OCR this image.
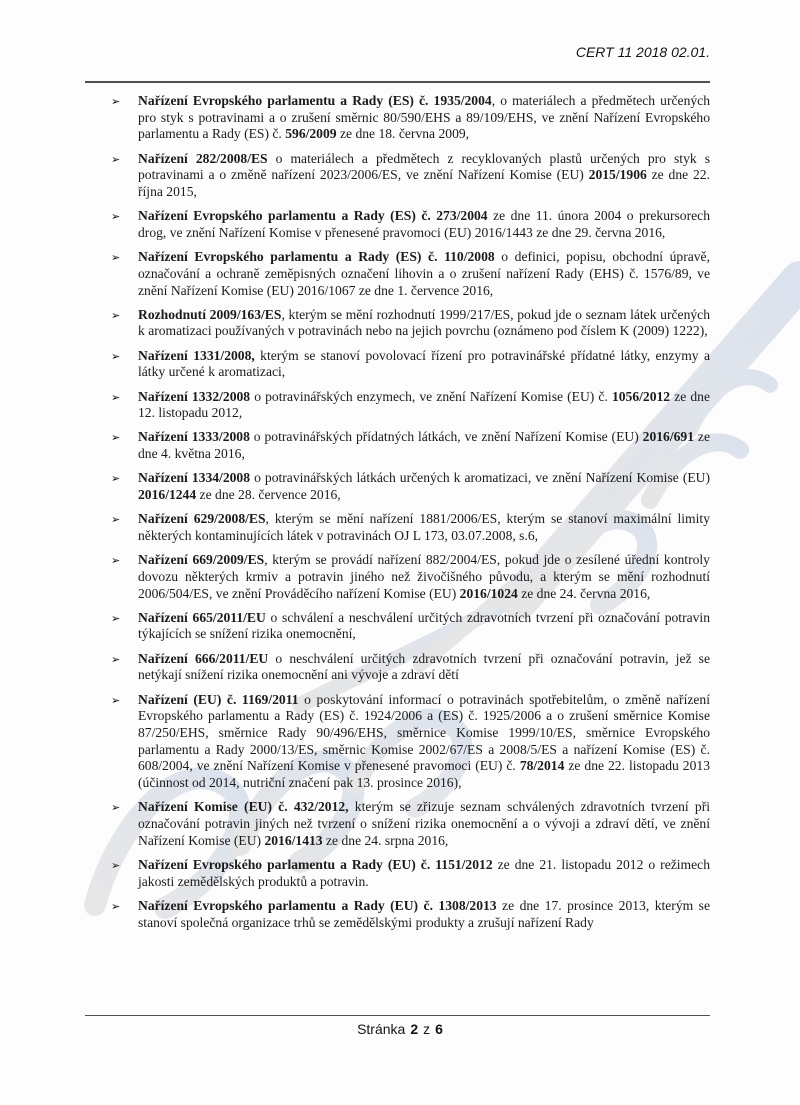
CERT 11 2018 02.01.
➢ Nařízení Evropského parlamentu a Rady (ES) č. 1935/2004, o materiálech a předmětech určených pro styk s potravinami a o zrušení směrnic 80/590/EHS a 89/109/EHS, ve znění Nařízení Evropského parlamentu a Rady (ES) č. 596/2009 ze dne 18. června 2009,
➢ Nařízení 282/2008/ES o materiálech a předmětech z recyklovaných plastů určených pro styk s potravinami a o změně nařízení 2023/2006/ES, ve znění Nařízení Komise (EU) 2015/1906 ze dne 22. října 2015,
➢ Nařízení Evropského parlamentu a Rady (ES) č. 273/2004 ze dne 11. února 2004 o prekursorech drog, ve znění Nařízení Komise v přenesené pravomoci (EU) 2016/1443 ze dne 29. června 2016,
➢ Nařízení Evropského parlamentu a Rady (ES) č. 110/2008 o definici, popisu, obchodní úpravě, označování a ochraně zeměpisných označení lihovin a o zrušení nařízení Rady (EHS) č. 1576/89, ve znění Nařízení Komise (EU) 2016/1067 ze dne 1. července 2016,
➢ Rozhodnutí 2009/163/ES, kterým se mění rozhodnutí 1999/217/ES, pokud jde o seznam látek určených k aromatizaci používaných v potravinách nebo na jejich povrchu (oznámeno pod číslem K (2009) 1222),
➢ Nařízení 1331/2008, kterým se stanoví povolovací řízení pro potravinářské přídatné látky, enzymy a látky určené k aromatizaci,
➢ Nařízení 1332/2008 o potravinářských enzymech, ve znění Nařízení Komise (EU) č. 1056/2012 ze dne 12. listopadu 2012,
➢ Nařízení 1333/2008 o potravinářských přídatných látkách, ve znění Nařízení Komise (EU) 2016/691 ze dne 4. května 2016,
➢ Nařízení 1334/2008 o potravinářských látkách určených k aromatizaci, ve znění Nařízení Komise (EU) 2016/1244 ze dne 28. července 2016,
➢ Nařízení 629/2008/ES, kterým se mění nařízení 1881/2006/ES, kterým se stanoví maximální limity některých kontaminujících látek v potravinách OJ L 173, 03.07.2008, s.6,
➢ Nařízení 669/2009/ES, kterým se provádí nařízení 882/2004/ES, pokud jde o zesílené úřední kontroly dovozu některých krmiv a potravin jiného než živočišného původu, a kterým se mění rozhodnutí 2006/504/ES, ve znění Prováděcího nařízení Komise (EU) 2016/1024 ze dne 24. června 2016,
➢ Nařízení 665/2011/EU o schválení a neschválení určitých zdravotních tvrzení při označování potravin týkajících se snížení rizika onemocnění,
➢ Nařízení 666/2011/EU o neschválení určitých zdravotních tvrzení při označování potravin, jež se netýkají snížení rizika onemocnění ani vývoje a zdraví dětí
➢ Nařízení (EU) č. 1169/2011 o poskytování informací o potravinách spotřebitelům, o změně nařízení Evropského parlamentu a Rady (ES) č. 1924/2006 a (ES) č. 1925/2006 a o zrušení směrnice Komise 87/250/EHS, směrnice Rady 90/496/EHS, směrnice Komise 1999/10/ES, směrnice Evropského parlamentu a Rady 2000/13/ES, směrnic Komise 2002/67/ES a 2008/5/ES a nařízení Komise (ES) č. 608/2004, ve znění Nařízení Komise v přenesené pravomoci (EU) č. 78/2014 ze dne 22. listopadu 2013 (účinnost od 2014, nutriční značení pak 13. prosince 2016),
➢ Nařízení Komise (EU) č. 432/2012, kterým se zřizuje seznam schválených zdravotních tvrzení při označování potravin jiných než tvrzení o snížení rizika onemocnění a o vývoji a zdraví dětí, ve znění Nařízení Komise (EU) 2016/1413 ze dne 24. srpna 2016,
➢ Nařízení Evropského parlamentu a Rady (EU) č. 1151/2012 ze dne 21. listopadu 2012 o režimech jakosti zemědělských produktů a potravin.
➢ Nařízení Evropského parlamentu a Rady (EU) č. 1308/2013 ze dne 17. prosince 2013, kterým se stanoví společná organizace trhů se zemědělskými produkty a zrušují nařízení Rady
Stránka 2 z 6
